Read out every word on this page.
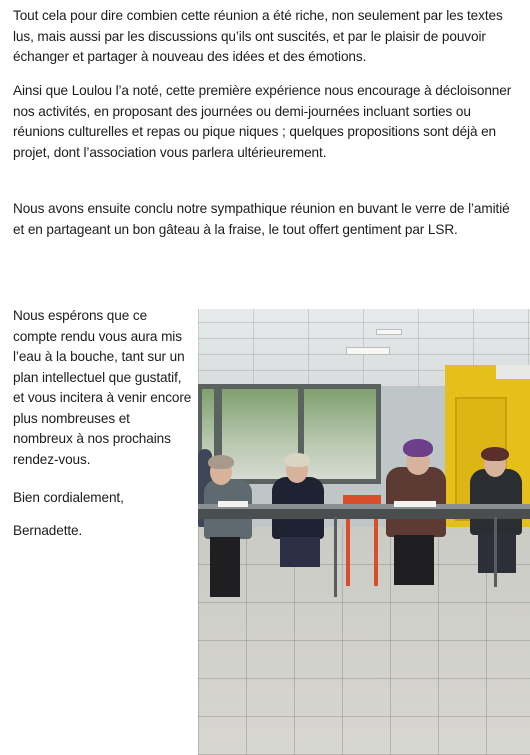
Tout cela pour dire combien cette réunion a été riche, non seulement par les textes lus, mais aussi par les discussions qu’ils ont suscités, et par le plaisir de pouvoir échanger et partager à nouveau des idées et des émotions.

Ainsi que Loulou l’a noté, cette première expérience nous encourage à décloisonner nos activités, en proposant des journées ou demi-journées incluant sorties ou réunions culturelles et repas ou pique niques ; quelques propositions sont déjà en projet, dont l’association vous parlera ultérieurement.

Nous avons ensuite conclu notre sympathique réunion en buvant le verre de l’amitié et en partageant un bon gâteau à la fraise, le tout offert gentiment par LSR.

Nous espérons que ce compte rendu vous aura mis l’eau à la bouche, tant sur un plan intellectuel que gustatif, et vous incitera à venir encore plus nombreuses et nombreux à nos prochains rendez-vous.

Bien cordialement,

Bernadette.
